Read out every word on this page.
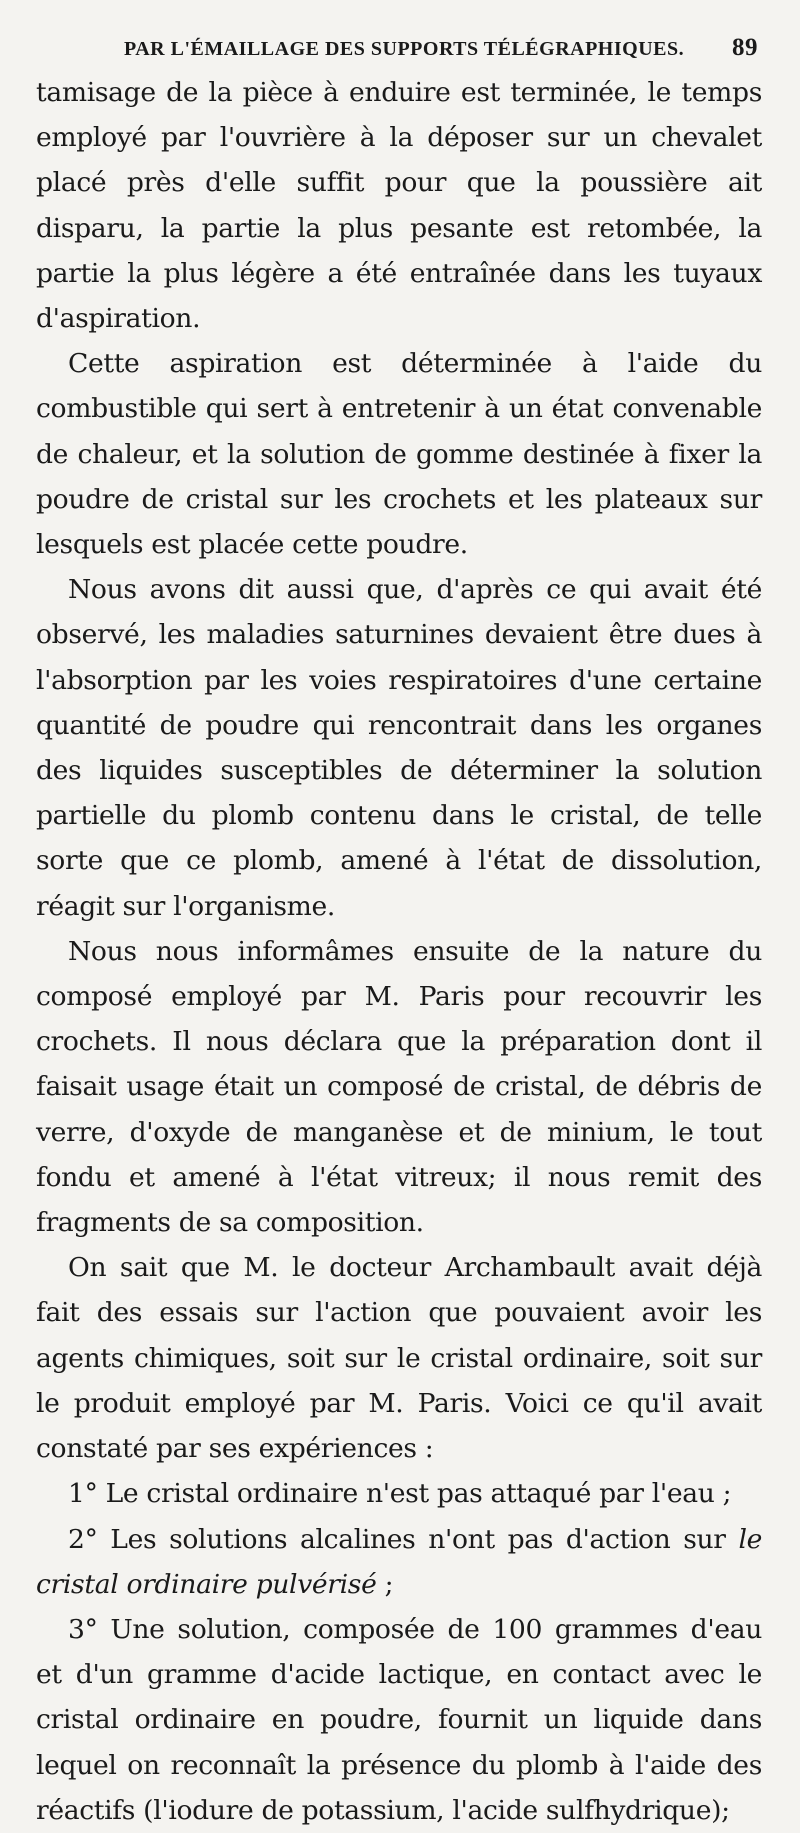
PAR L'ÉMAILLAGE DES SUPPORTS TÉLÉGRAPHIQUES. 89

tamisage de la pièce à enduire est terminée, le temps employé par l'ouvrière à la déposer sur un chevalet placé près d'elle suffit pour que la poussière ait disparu, la partie la plus pesante est retombée, la partie la plus légère a été entraînée dans les tuyaux d'aspiration.

Cette aspiration est déterminée à l'aide du combustible qui sert à entretenir à un état convenable de chaleur, et la solution de gomme destinée à fixer la poudre de cristal sur les crochets et les plateaux sur lesquels est placée cette poudre.

Nous avons dit aussi que, d'après ce qui avait été observé, les maladies saturnines devaient être dues à l'absorption par les voies respiratoires d'une certaine quantité de poudre qui rencontrait dans les organes des liquides susceptibles de déterminer la solution partielle du plomb contenu dans le cristal, de telle sorte que ce plomb, amené à l'état de dissolution, réagit sur l'organisme.

Nous nous informâmes ensuite de la nature du composé employé par M. Paris pour recouvrir les crochets. Il nous déclara que la préparation dont il faisait usage était un composé de cristal, de débris de verre, d'oxyde de manganèse et de minium, le tout fondu et amené à l'état vitreux; il nous remit des fragments de sa composition.

On sait que M. le docteur Archambault avait déjà fait des essais sur l'action que pouvaient avoir les agents chimiques, soit sur le cristal ordinaire, soit sur le produit employé par M. Paris. Voici ce qu'il avait constaté par ses expériences :

1° Le cristal ordinaire n'est pas attaqué par l'eau ;

2° Les solutions alcalines n'ont pas d'action sur le cristal ordinaire pulvérisé ;

3° Une solution, composée de 100 grammes d'eau et d'un gramme d'acide lactique, en contact avec le cristal ordinaire en poudre, fournit un liquide dans lequel on reconnaît la présence du plomb à l'aide des réactifs (l'iodure de potassium, l'acide sulfhydrique);
